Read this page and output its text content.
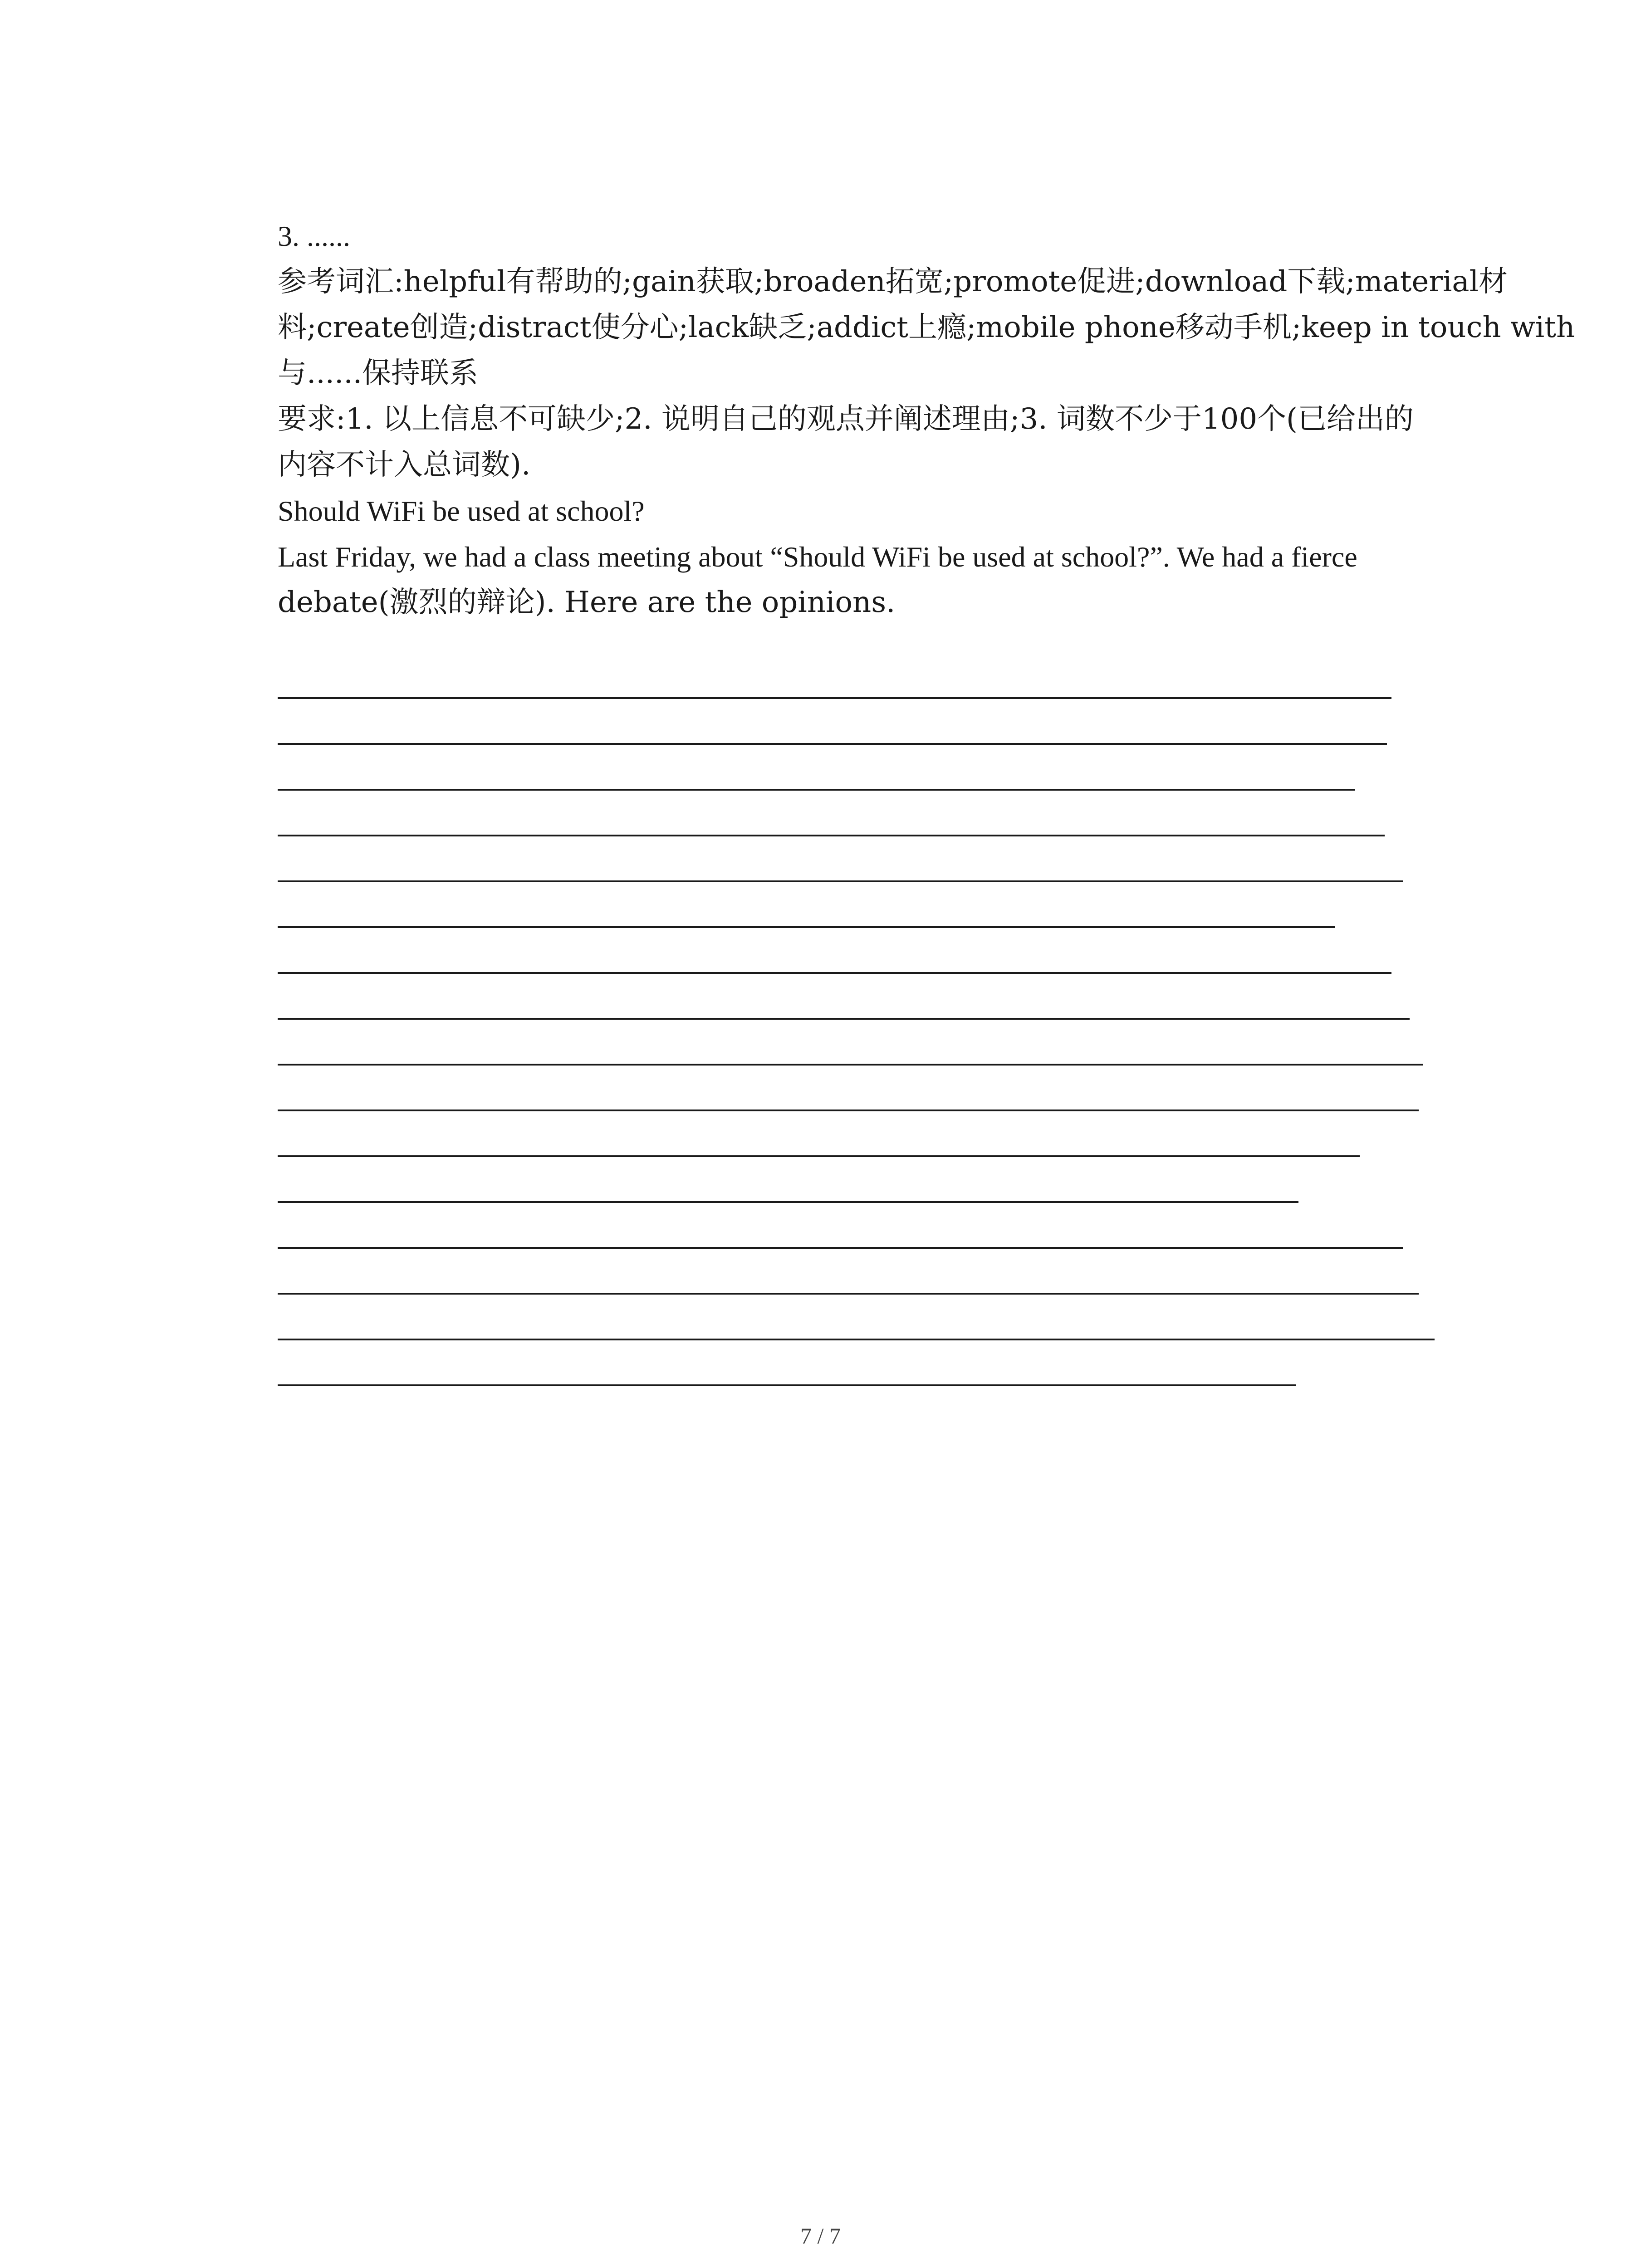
3. ......

参考词汇:helpful有帮助的;gain获取;broaden拓宽;promote促进;download下载;material材

料;create创造;distract使分心;lack缺乏;addict上瘾;mobile phone移动手机;keep in touch with

与......保持联系

要求:1. 以上信息不可缺少;2. 说明自己的观点并阐述理由;3. 词数不少于100个(已给出的

内容不计入总词数).

Should WiFi be used at school?

Last Friday, we had a class meeting about “Should WiFi be used at school?”. We had a fierce

debate(激烈的辩论). Here are the opinions.

7 / 7
